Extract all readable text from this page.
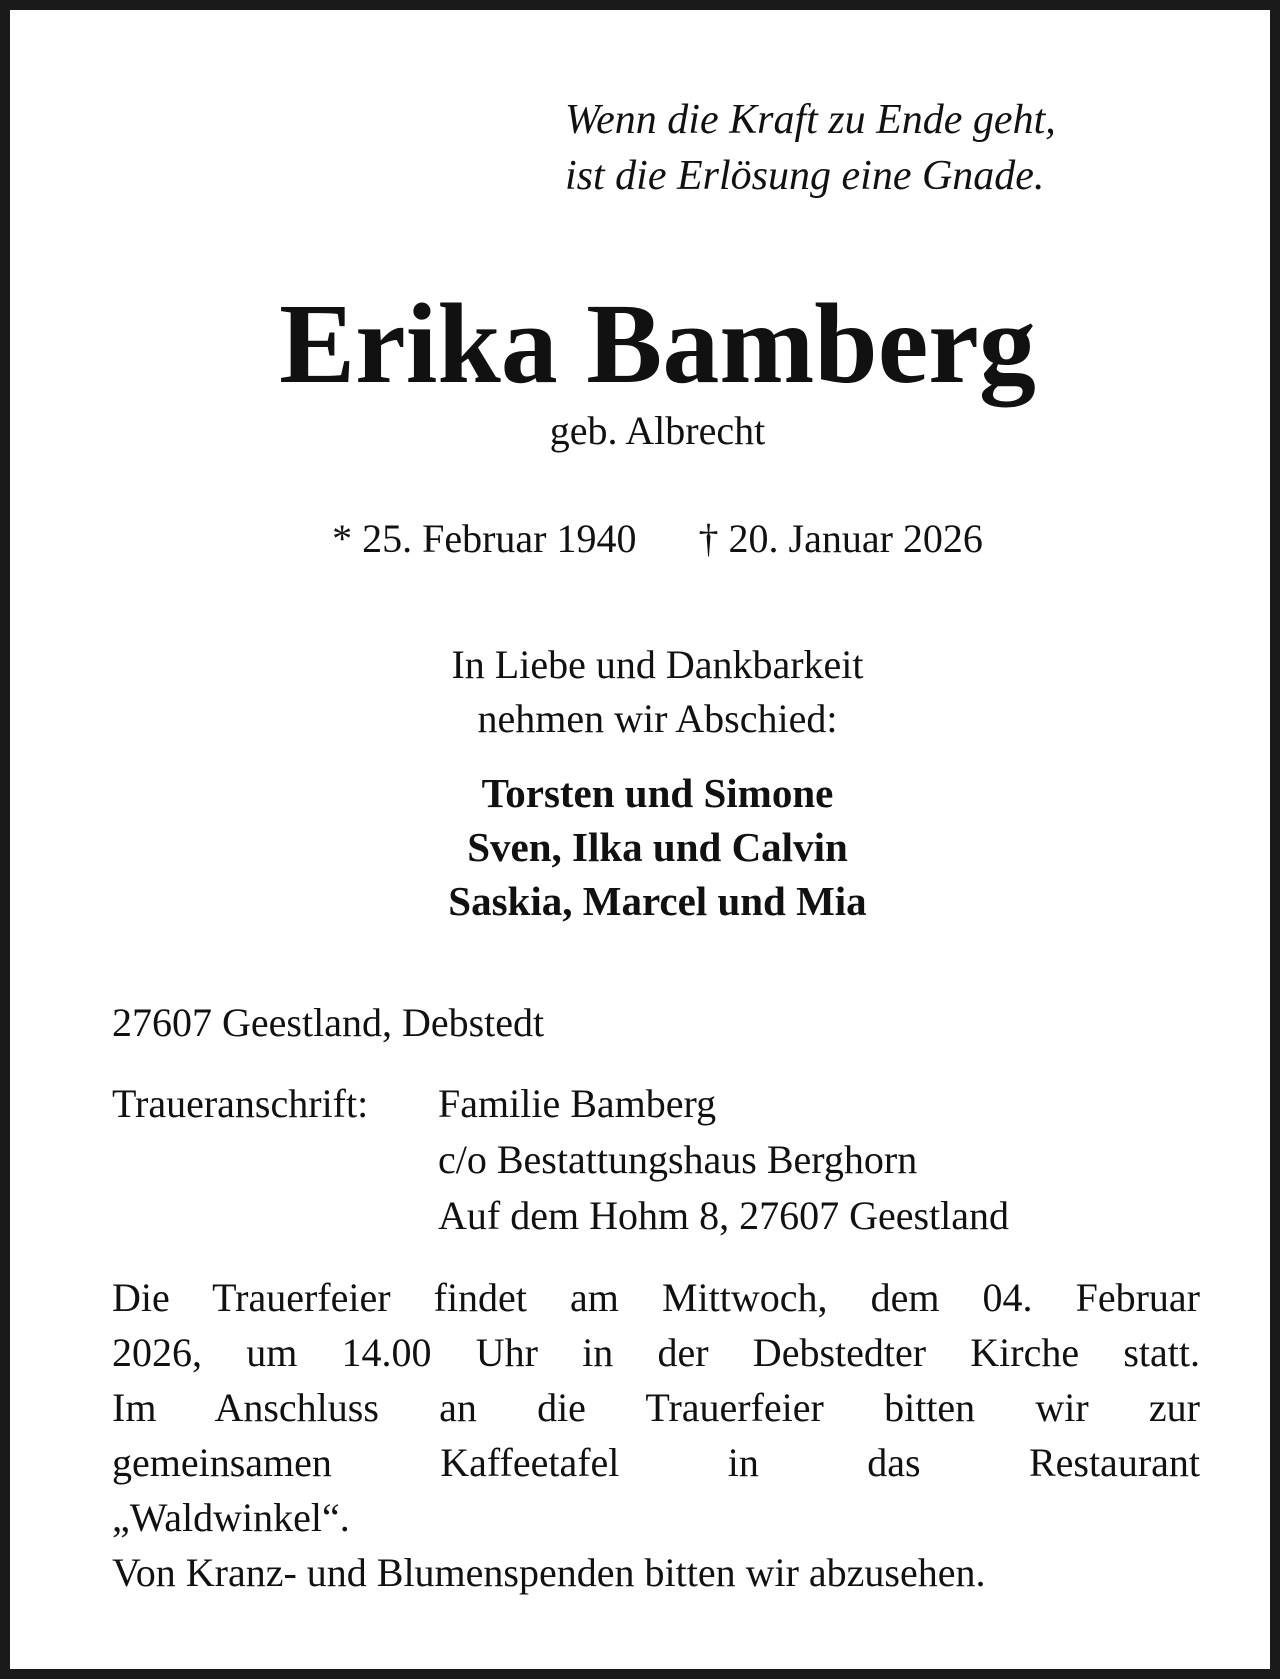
Wenn die Kraft zu Ende geht,
ist die Erlösung eine Gnade.
Erika Bamberg
geb. Albrecht
* 25. Februar 1940 † 20. Januar 2026
In Liebe und Dankbarkeit
nehmen wir Abschied:
Torsten und Simone
Sven, Ilka und Calvin
Saskia, Marcel und Mia
27607 Geestland, Debstedt
Traueranschrift:	Familie Bamberg
c/o Bestattungshaus Berghorn
Auf dem Hohm 8, 27607 Geestland
Die Trauerfeier findet am Mittwoch, dem 04. Februar
2026, um 14.00 Uhr in der Debstedter Kirche statt.
Im Anschluss an die Trauerfeier bitten wir zur
gemeinsamen Kaffeetafel in das Restaurant
„Waldwinkel“.
Von Kranz- und Blumenspenden bitten wir abzusehen.
